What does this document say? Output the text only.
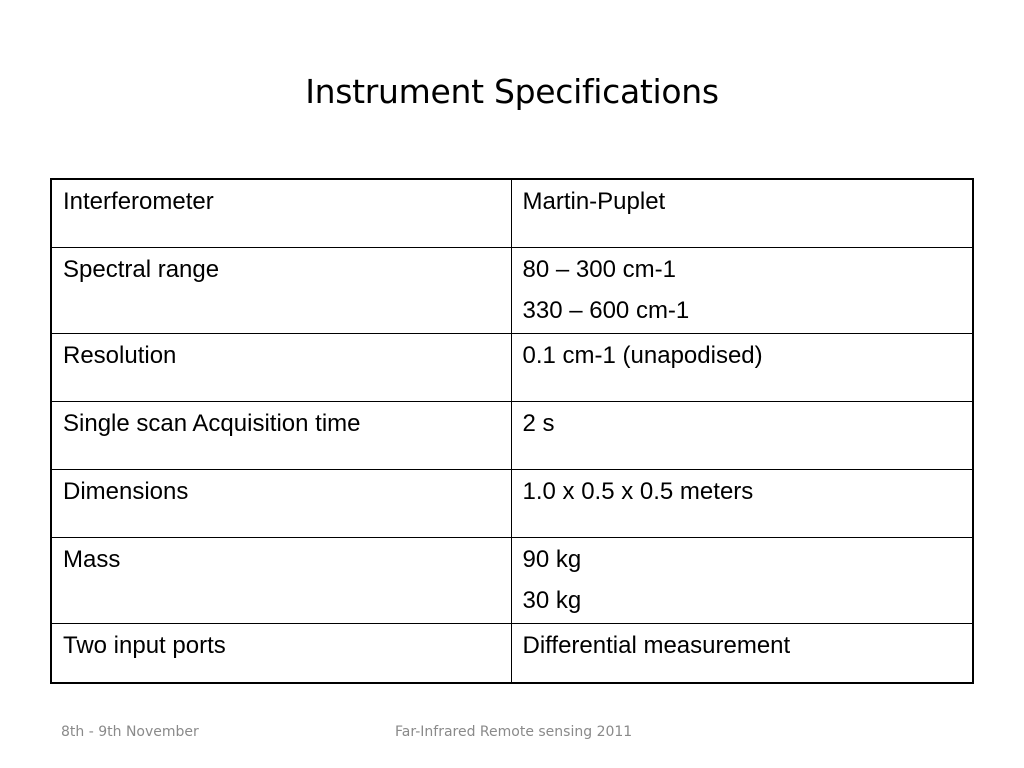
Instrument Specifications
Interferometer	Martin-Puplet

Spectral range	80 – 300 cm-1
330 – 600 cm-1

Resolution	0.1 cm-1 (unapodised)

Single scan Acquisition time	2 s

Dimensions	1.0 x 0.5 x 0.5 meters

Mass	90 kg
30 kg

Two input ports	Differential measurement
8th - 9th November	Far-Infrared Remote sensing 2011
